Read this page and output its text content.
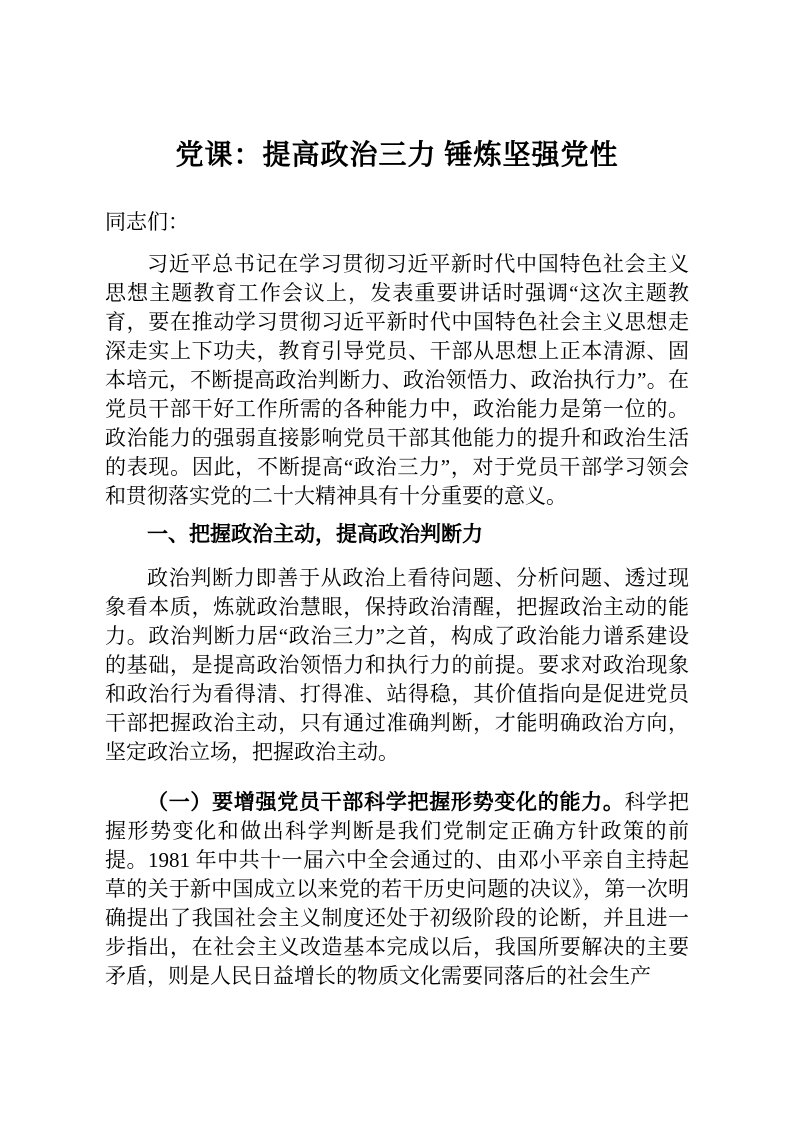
党课：提高政治三力 锤炼坚强党性

同志们：

习近平总书记在学习贯彻习近平新时代中国特色社会主义思想主题教育工作会议上，发表重要讲话时强调“这次主题教育，要在推动学习贯彻习近平新时代中国特色社会主义思想走深走实上下功夫，教育引导党员、干部从思想上正本清源、固本培元，不断提高政治判断力、政治领悟力、政治执行力”。在党员干部干好工作所需的各种能力中，政治能力是第一位的。政治能力的强弱直接影响党员干部其他能力的提升和政治生活的表现。因此，不断提高“政治三力”，对于党员干部学习领会和贯彻落实党的二十大精神具有十分重要的意义。

一、把握政治主动，提高政治判断力

政治判断力即善于从政治上看待问题、分析问题、透过现象看本质，炼就政治慧眼，保持政治清醒，把握政治主动的能力。政治判断力居“政治三力”之首，构成了政治能力谱系建设的基础，是提高政治领悟力和执行力的前提。要求对政治现象和政治行为看得清、打得准、站得稳，其价值指向是促进党员干部把握政治主动，只有通过准确判断，才能明确政治方向，坚定政治立场，把握政治主动。

（一）要增强党员干部科学把握形势变化的能力。科学把握形势变化和做出科学判断是我们党制定正确方针政策的前提。1981 年中共十一届六中全会通过的、由邓小平亲自主持起草的关于新中国成立以来党的若干历史问题的决议》，第一次明确提出了我国社会主义制度还处于初级阶段的论断，并且进一步指出，在社会主义改造基本完成以后，我国所要解决的主要矛盾，则是人民日益增长的物质文化需要同落后的社会生产
